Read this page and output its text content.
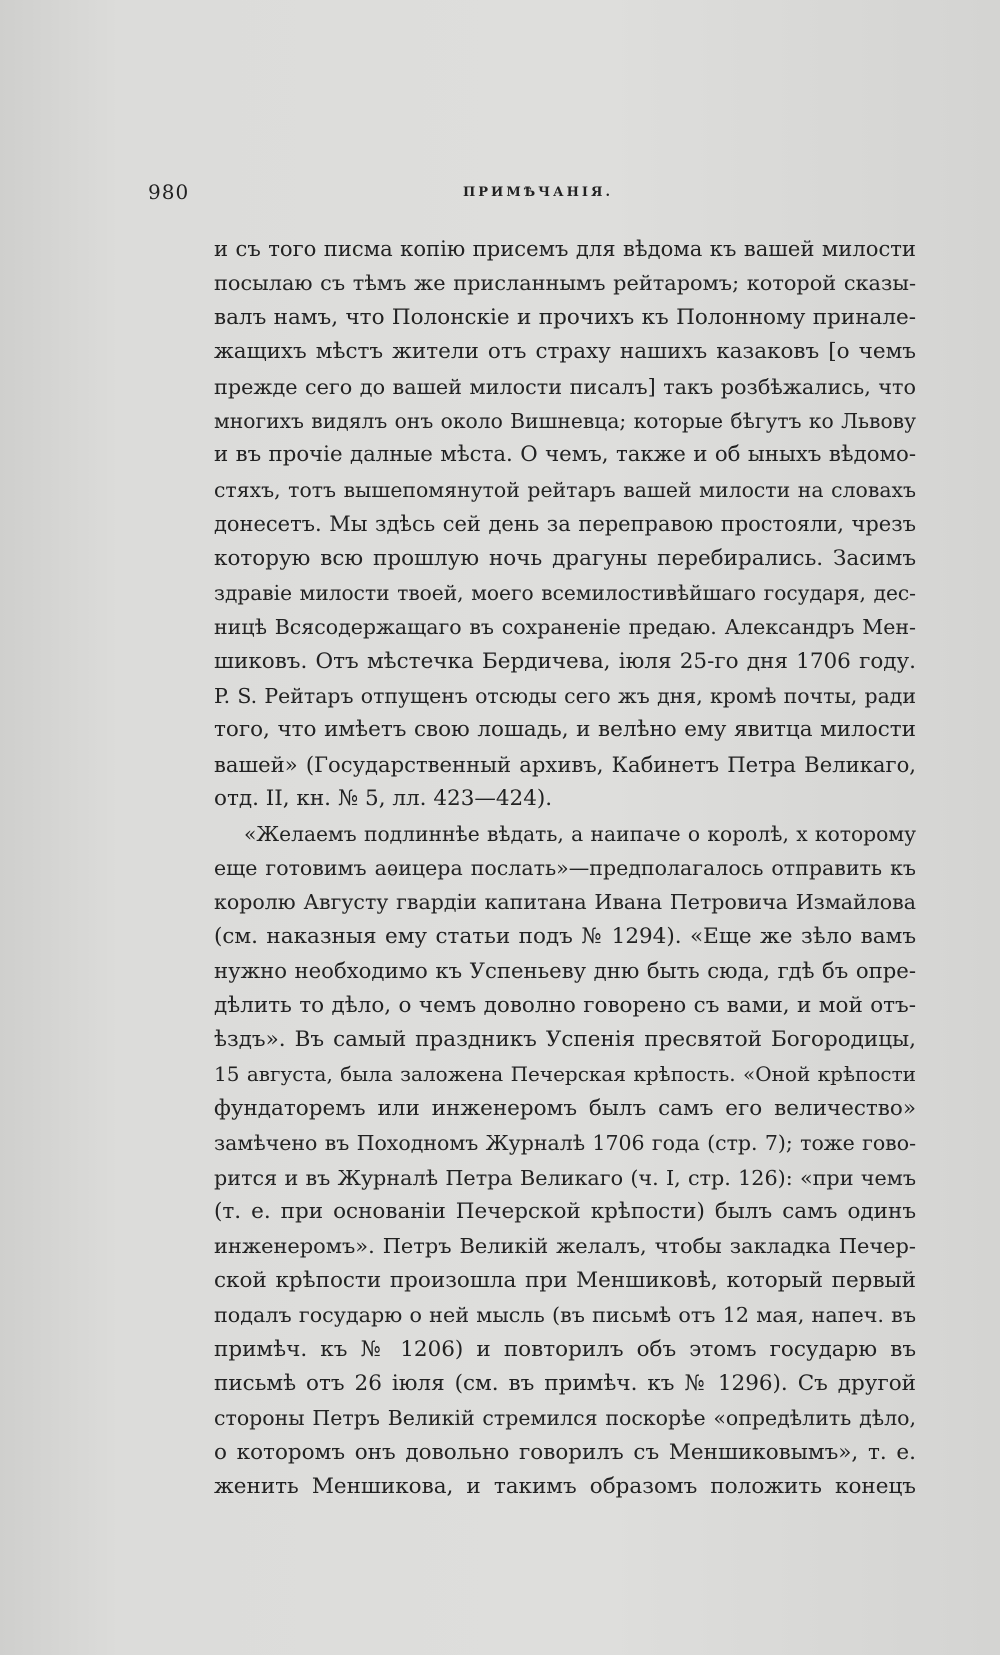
980	ПРИМѢЧАНІЯ.

и съ того писма копію присемъ для вѣдома къ вашей милости
посылаю съ тѣмъ же присланнымъ рейтаромъ; которой сказы-
валъ намъ, что Полонскіе и прочихъ къ Полонному принале-
жащихъ мѣстъ жители отъ страху нашихъ казаковъ [о чемъ
прежде сего до вашей милости писалъ] такъ розбѣжались, что
многихъ видялъ онъ около Вишневца; которые бѣгутъ ко Львову
и въ прочіе далные мѣста. О чемъ, также и об ыныхъ вѣдомо-
стяхъ, тотъ вышепомянутой рейтаръ вашей милости на словахъ
донесетъ. Мы здѣсь сей день за переправою простояли, чрезъ
которую всю прошлую ночь драгуны перебирались. Засимъ
здравіе милости твоей, моего всемилостивѣйшаго государя, дес-
ницѣ Всясодержащаго въ сохраненіе предаю. Александръ Мен-
шиковъ. Отъ мѣстечка Бердичева, іюля 25-го дня 1706 году.
P. S. Рейтаръ отпущенъ отсюды сего жъ дня, кромѣ почты, ради
того, что имѣетъ свою лошадь, и велѣно ему явитца милости
вашей» (Государственный архивъ, Кабинетъ Петра Великаго,
отд. II, кн. № 5, лл. 423—424).

«Желаемъ подлиннѣе вѣдать, а наипаче о королѣ, х которому
еще готовимъ аѳицера послать»—предполагалось отправить къ
королю Августу гвардіи капитана Ивана Петровича Измайлова
(см. наказныя ему статьи подъ № 1294). «Еще же зѣло вамъ
нужно необходимо къ Успеньеву дню быть сюда, гдѣ бъ опре-
дѣлить то дѣло, о чемъ доволно говорено съ вами, и мой отъ-
ѣздъ». Въ самый праздникъ Успенія пресвятой Богородицы,
15 августа, была заложена Печерская крѣпость. «Оной крѣпости
фундаторемъ или инженеромъ былъ самъ его величество»
замѣчено въ Походномъ Журналѣ 1706 года (стр. 7); тоже гово-
рится и въ Журналѣ Петра Великаго (ч. I, стр. 126): «при чемъ
(т. е. при основаніи Печерской крѣпости) былъ самъ одинъ
инженеромъ». Петръ Великій желалъ, чтобы закладка Печер-
ской крѣпости произошла при Меншиковѣ, который первый
подалъ государю о ней мысль (въ письмѣ отъ 12 мая, напеч. въ
примѣч. къ № 1206) и повторилъ объ этомъ государю въ
письмѣ отъ 26 іюля (см. въ примѣч. къ № 1296). Съ другой
стороны Петръ Великій стремился поскорѣе «опредѣлить дѣло,
о которомъ онъ довольно говорилъ съ Меншиковымъ», т. е.
женить Меншикова, и такимъ образомъ положить конецъ
